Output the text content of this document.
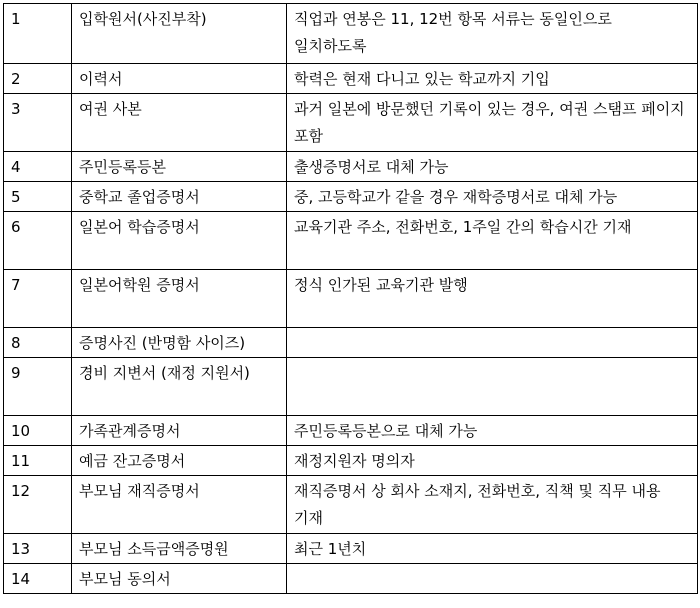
1	입학원서(사진부착)	직업과 연봉은 11, 12번 항목 서류는 동일인으로 일치하도록
2	이력서	학력은 현재 다니고 있는 학교까지 기입
3	여권 사본	과거 일본에 방문했던 기록이 있는 경우, 여권 스탬프 페이지 포함
4	주민등록등본	출생증명서로 대체 가능
5	중학교 졸업증명서	중, 고등학교가 같을 경우 재학증명서로 대체 가능
6	일본어 학습증명서	교육기관 주소, 전화번호, 1주일 간의 학습시간 기재
7	일본어학원 증명서	정식 인가된 교육기관 발행
8	증명사진 (반명함 사이즈)	
9	경비 지변서 (재정 지원서)	
10	가족관계증명서	주민등록등본으로 대체 가능
11	예금 잔고증명서	재정지원자 명의자
12	부모님 재직증명서	재직증명서 상 회사 소재지, 전화번호, 직책 및 직무 내용 기재
13	부모님 소득금액증명원	최근 1년치
14	부모님 동의서	
